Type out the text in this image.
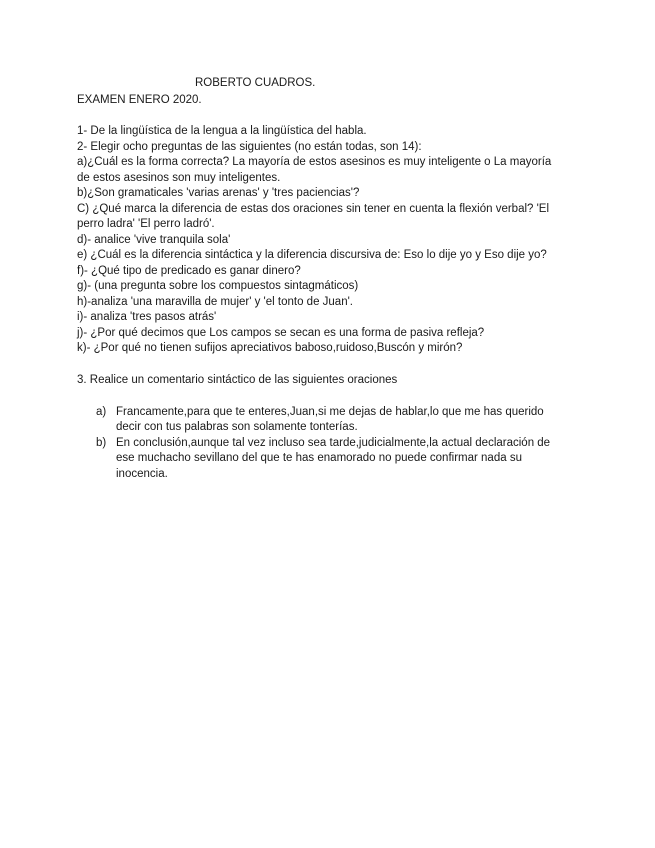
ROBERTO CUADROS.
EXAMEN ENERO 2020.
1- De la lingüística de la lengua a la lingüística del habla.
2- Elegir ocho preguntas de las siguientes (no están todas, son 14):
a)¿Cuál es la forma correcta? La mayoría de estos asesinos es muy inteligente o La mayoría
de estos asesinos son muy inteligentes.
b)¿Son gramaticales 'varias arenas' y 'tres paciencias'?
C) ¿Qué marca la diferencia de estas dos oraciones sin tener en cuenta la flexión verbal? 'El
perro ladra' 'El perro ladró'.
d)- analice 'vive tranquila sola'
e) ¿Cuál es la diferencia sintáctica y la diferencia discursiva de: Eso lo dije yo y Eso dije yo?
f)- ¿Qué tipo de predicado es ganar dinero?
g)- (una pregunta sobre los compuestos sintagmáticos)
h)-analiza 'una maravilla de mujer' y 'el tonto de Juan'.
i)- analiza 'tres pasos atrás'
j)- ¿Por qué decimos que Los campos se secan es una forma de pasiva refleja?
k)- ¿Por qué no tienen sufijos apreciativos baboso,ruidoso,Buscón y mirón?
3. Realice un comentario sintáctico de las siguientes oraciones
a) Francamente,para que te enteres,Juan,si me dejas de hablar,lo que me has querido
decir con tus palabras son solamente tonterías.
b) En conclusión,aunque tal vez incluso sea tarde,judicialmente,la actual declaración de
ese muchacho sevillano del que te has enamorado no puede confirmar nada su
inocencia.
